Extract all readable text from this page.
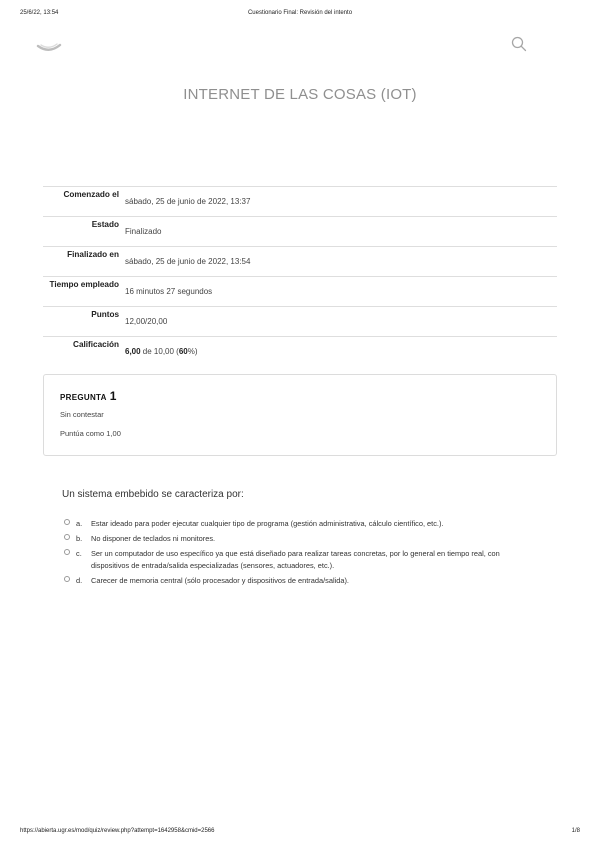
25/6/22, 13:54	Cuestionario Final: Revisión del intento
INTERNET DE LAS COSAS (IOT)
Comenzado el
sábado, 25 de junio de 2022, 13:37
Estado
Finalizado
Finalizado en
sábado, 25 de junio de 2022, 13:54
Tiempo empleado
16 minutos 27 segundos
Puntos
12,00/20,00
Calificación
6,00 de 10,00 (60%)
PREGUNTA 1
Sin contestar
Puntúa como 1,00
Un sistema embebido se caracteriza por:
a. Estar ideado para poder ejecutar cualquier tipo de programa (gestión administrativa, cálculo científico, etc.).
b. No disponer de teclados ni monitores.
c. Ser un computador de uso específico ya que está diseñado para realizar tareas concretas, por lo general en tiempo real, con dispositivos de entrada/salida especializadas (sensores, actuadores, etc.).
d. Carecer de memoria central (sólo procesador y dispositivos de entrada/salida).
https://abierta.ugr.es/mod/quiz/review.php?attempt=1642958&cmid=2566	1/8
